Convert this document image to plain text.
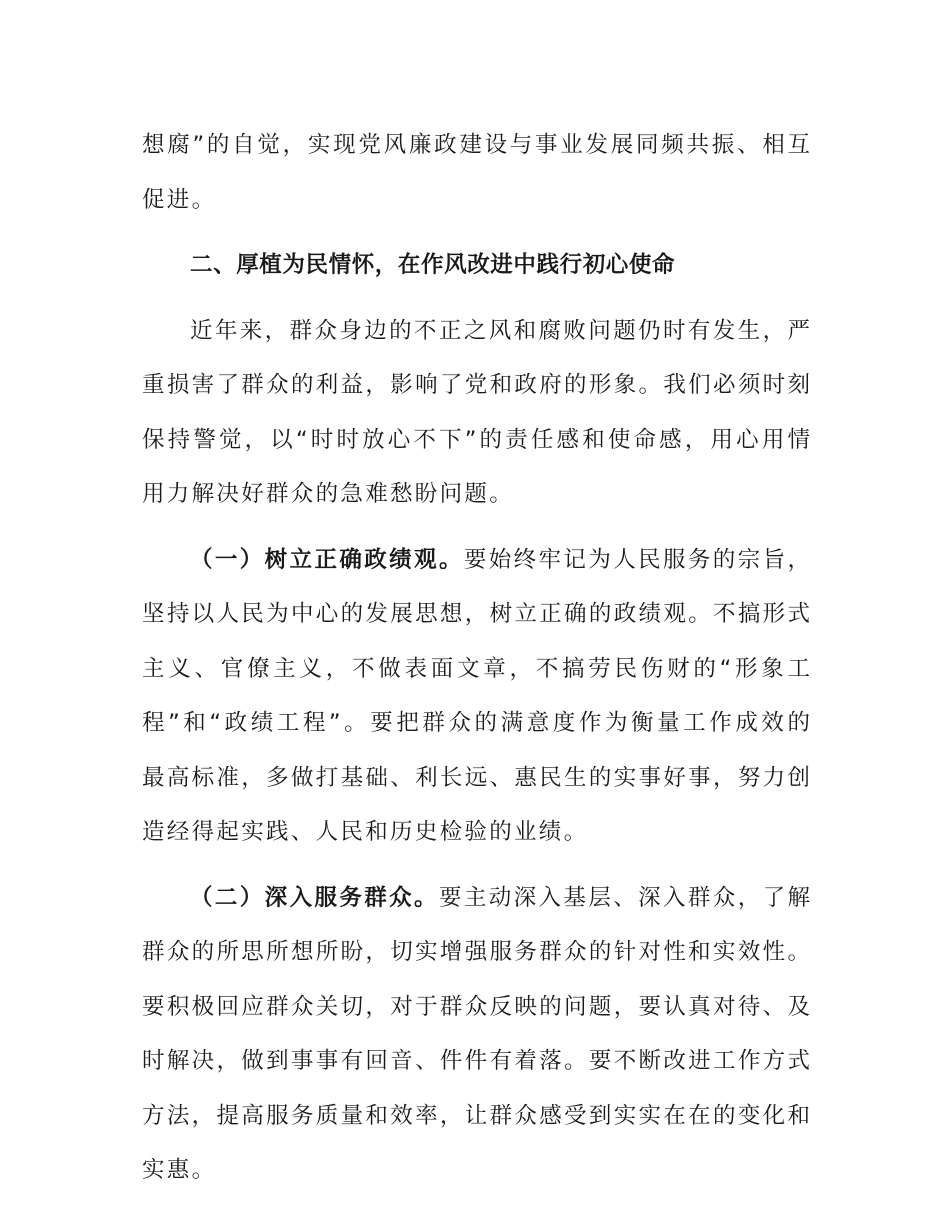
想腐”的自觉，实现党风廉政建设与事业发展同频共振、相互
促进。
二、厚植为民情怀，在作风改进中践行初心使命
近年来，群众身边的不正之风和腐败问题仍时有发生，严
重损害了群众的利益，影响了党和政府的形象。我们必须时刻
保持警觉，以“时时放心不下”的责任感和使命感，用心用情
用力解决好群众的急难愁盼问题。
（一）树立正确政绩观。要始终牢记为人民服务的宗旨，
坚持以人民为中心的发展思想，树立正确的政绩观。不搞形式
主义、官僚主义，不做表面文章，不搞劳民伤财的“形象工
程”和“政绩工程”。要把群众的满意度作为衡量工作成效的
最高标准，多做打基础、利长远、惠民生的实事好事，努力创
造经得起实践、人民和历史检验的业绩。
（二）深入服务群众。要主动深入基层、深入群众，了解
群众的所思所想所盼，切实增强服务群众的针对性和实效性。
要积极回应群众关切，对于群众反映的问题，要认真对待、及
时解决，做到事事有回音、件件有着落。要不断改进工作方式
方法，提高服务质量和效率，让群众感受到实实在在的变化和
实惠。
